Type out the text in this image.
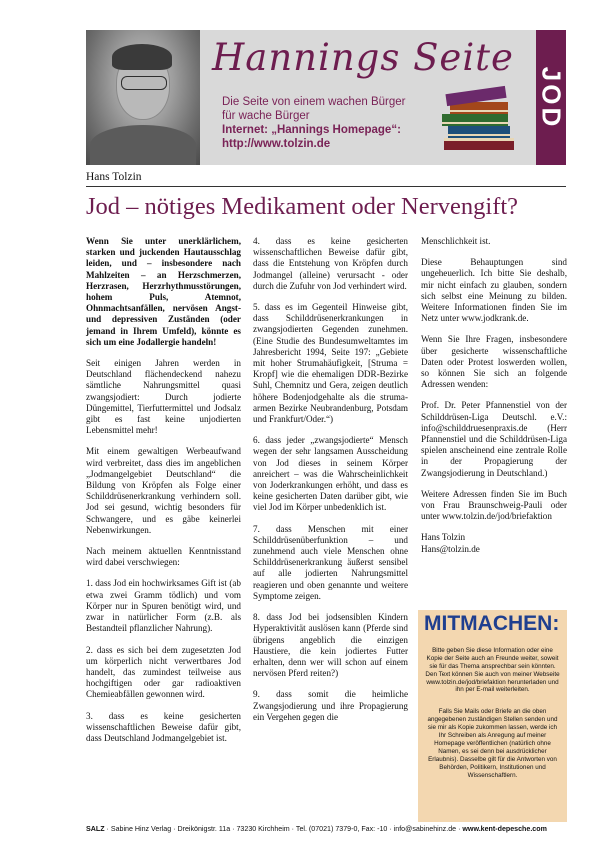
Hannings Seite
Die Seite von einem wachen Bürger
für wache Bürger
Internet: „Hannings Homepage“:
http://www.tolzin.de
JOD
Hans Tolzin
Jod – nötiges Medikament oder Nervengift?

Wenn Sie unter unerklärlichem, starken und juckenden Hautausschlag leiden, und – insbesondere nach Mahlzeiten – an Herzschmerzen, Herzrasen, Herzrhythmusstörungen, hohem Puls, Atemnot, Ohnmachtsanfällen, nervösen Angst- und depressiven Zuständen (oder jemand in Ihrem Umfeld), könnte es sich um eine Jodallergie handeln!

Seit einigen Jahren werden in Deutschland flächendeckend nahezu sämtliche Nahrungsmittel quasi zwangsjodiert: Durch jodierte Düngemittel, Tierfuttermittel und Jodsalz gibt es fast keine unjodierten Lebensmittel mehr!

Mit einem gewaltigen Werbeaufwand wird verbreitet, dass dies im angeblichen „Jodmangelgebiet Deutschland“ die Bildung von Kröpfen als Folge einer Schilddrüsenerkrankung verhindern soll. Jod sei gesund, wichtig besonders für Schwangere, und es gäbe keinerlei Nebenwirkungen.

Nach meinem aktuellen Kenntnisstand wird dabei verschwiegen:

1. dass Jod ein hochwirksames Gift ist (ab etwa zwei Gramm tödlich) und vom Körper nur in Spuren benötigt wird, und zwar in natürlicher Form (z.B. als Bestandteil pflanzlicher Nahrung).

2. dass es sich bei dem zugesetzten Jod um körperlich nicht verwertbares Jod handelt, das zumindest teilweise aus hochgiftigen oder gar radioaktiven Chemieabfällen gewonnen wird.

3. dass es keine gesicherten wissenschaftlichen Beweise dafür gibt, dass Deutschland Jodmangelgebiet ist.

4. dass es keine gesicherten wissenschaftlichen Beweise dafür gibt, dass die Entstehung von Kröpfen durch Jodmangel (alleine) verursacht - oder durch die Zufuhr von Jod verhindert wird.

5. dass es im Gegenteil Hinweise gibt, dass Schilddrüsenerkrankungen in zwangsjodierten Gegenden zunehmen. (Eine Studie des Bundesumweltamtes im Jahresbericht 1994, Seite 197: „Gebiete mit hoher Strumahäufigkeit, [Struma = Kropf] wie die ehemaligen DDR-Bezirke Suhl, Chemnitz und Gera, zeigen deutlich höhere Bodenjodgehalte als die struma-armen Bezirke Neubrandenburg, Potsdam und Frankfurt/Oder.“)

6. dass jeder „zwangsjodierte“ Mensch wegen der sehr langsamen Ausscheidung von Jod dieses in seinem Körper anreichert – was die Wahrscheinlichkeit von Joderkrankungen erhöht, und dass es keine gesicherten Daten darüber gibt, wie viel Jod im Körper unbedenklich ist.

7. dass Menschen mit einer Schilddrüsenüberfunktion – und zunehmend auch viele Menschen ohne Schilddrüsenerkrankung äußerst sensibel auf alle jodierten Nahrungsmittel reagieren und oben genannte und weitere Symptome zeigen.

8. dass Jod bei jodsensiblen Kindern Hyperaktivität auslösen kann (Pferde sind übrigens angeblich die einzigen Haustiere, die kein jodiertes Futter erhalten, denn wer will schon auf einem nervösen Pferd reiten?)

9. dass somit die heimliche Zwangsjodierung und ihre Propagierung ein Vergehen gegen die

Menschlichkeit ist.

Diese Behauptungen sind ungeheuerlich. Ich bitte Sie deshalb, mir nicht einfach zu glauben, sondern sich selbst eine Meinung zu bilden. Weitere Informationen finden Sie im Netz unter www.jodkrank.de.

Wenn Sie Ihre Fragen, insbesondere über gesicherte wissenschaftliche Daten oder Protest loswerden wollen, so können Sie sich an folgende Adressen wenden:

Prof. Dr. Peter Pfannenstiel von der Schilddrüsen-Liga Deutschl. e.V.: info@schilddruesenpraxis.de (Herr Pfannenstiel und die Schilddrüsen-Liga spielen anscheinend eine zentrale Rolle in der Propagierung der Zwangsjodierung in Deutschland.)

Weitere Adressen finden Sie im Buch von Frau Braunschweig-Pauli oder unter www.tolzin.de/jod/briefaktion

Hans Tolzin
Hans@tolzin.de

MITMACHEN:

Bitte geben Sie diese Information oder eine Kopie der Seite auch an Freunde weiter, soweit sie für das Thema ansprechbar sein könnten. Den Text können Sie auch von meiner Webseite www.tolzin.de/jod/briefaktion herunterladen und ihn per E-mail weiterleiten.

Falls Sie Mails oder Briefe an die oben angegebenen zuständigen Stellen senden und sie mir als Kopie zukommen lassen, werde ich Ihr Schreiben als Anregung auf meiner Homepage veröffentlichen (natürlich ohne Namen, es sei denn bei ausdrücklicher Erlaubnis). Dasselbe gilt für die Antworten von Behörden, Politikern, Institutionen und Wissenschaftlern.

SALZ · Sabine Hinz Verlag · Dreikönigstr. 11a · 73230 Kirchheim · Tel. (07021) 7379-0, Fax: -10 · info@sabinehinz.de · www.kent-depesche.com
